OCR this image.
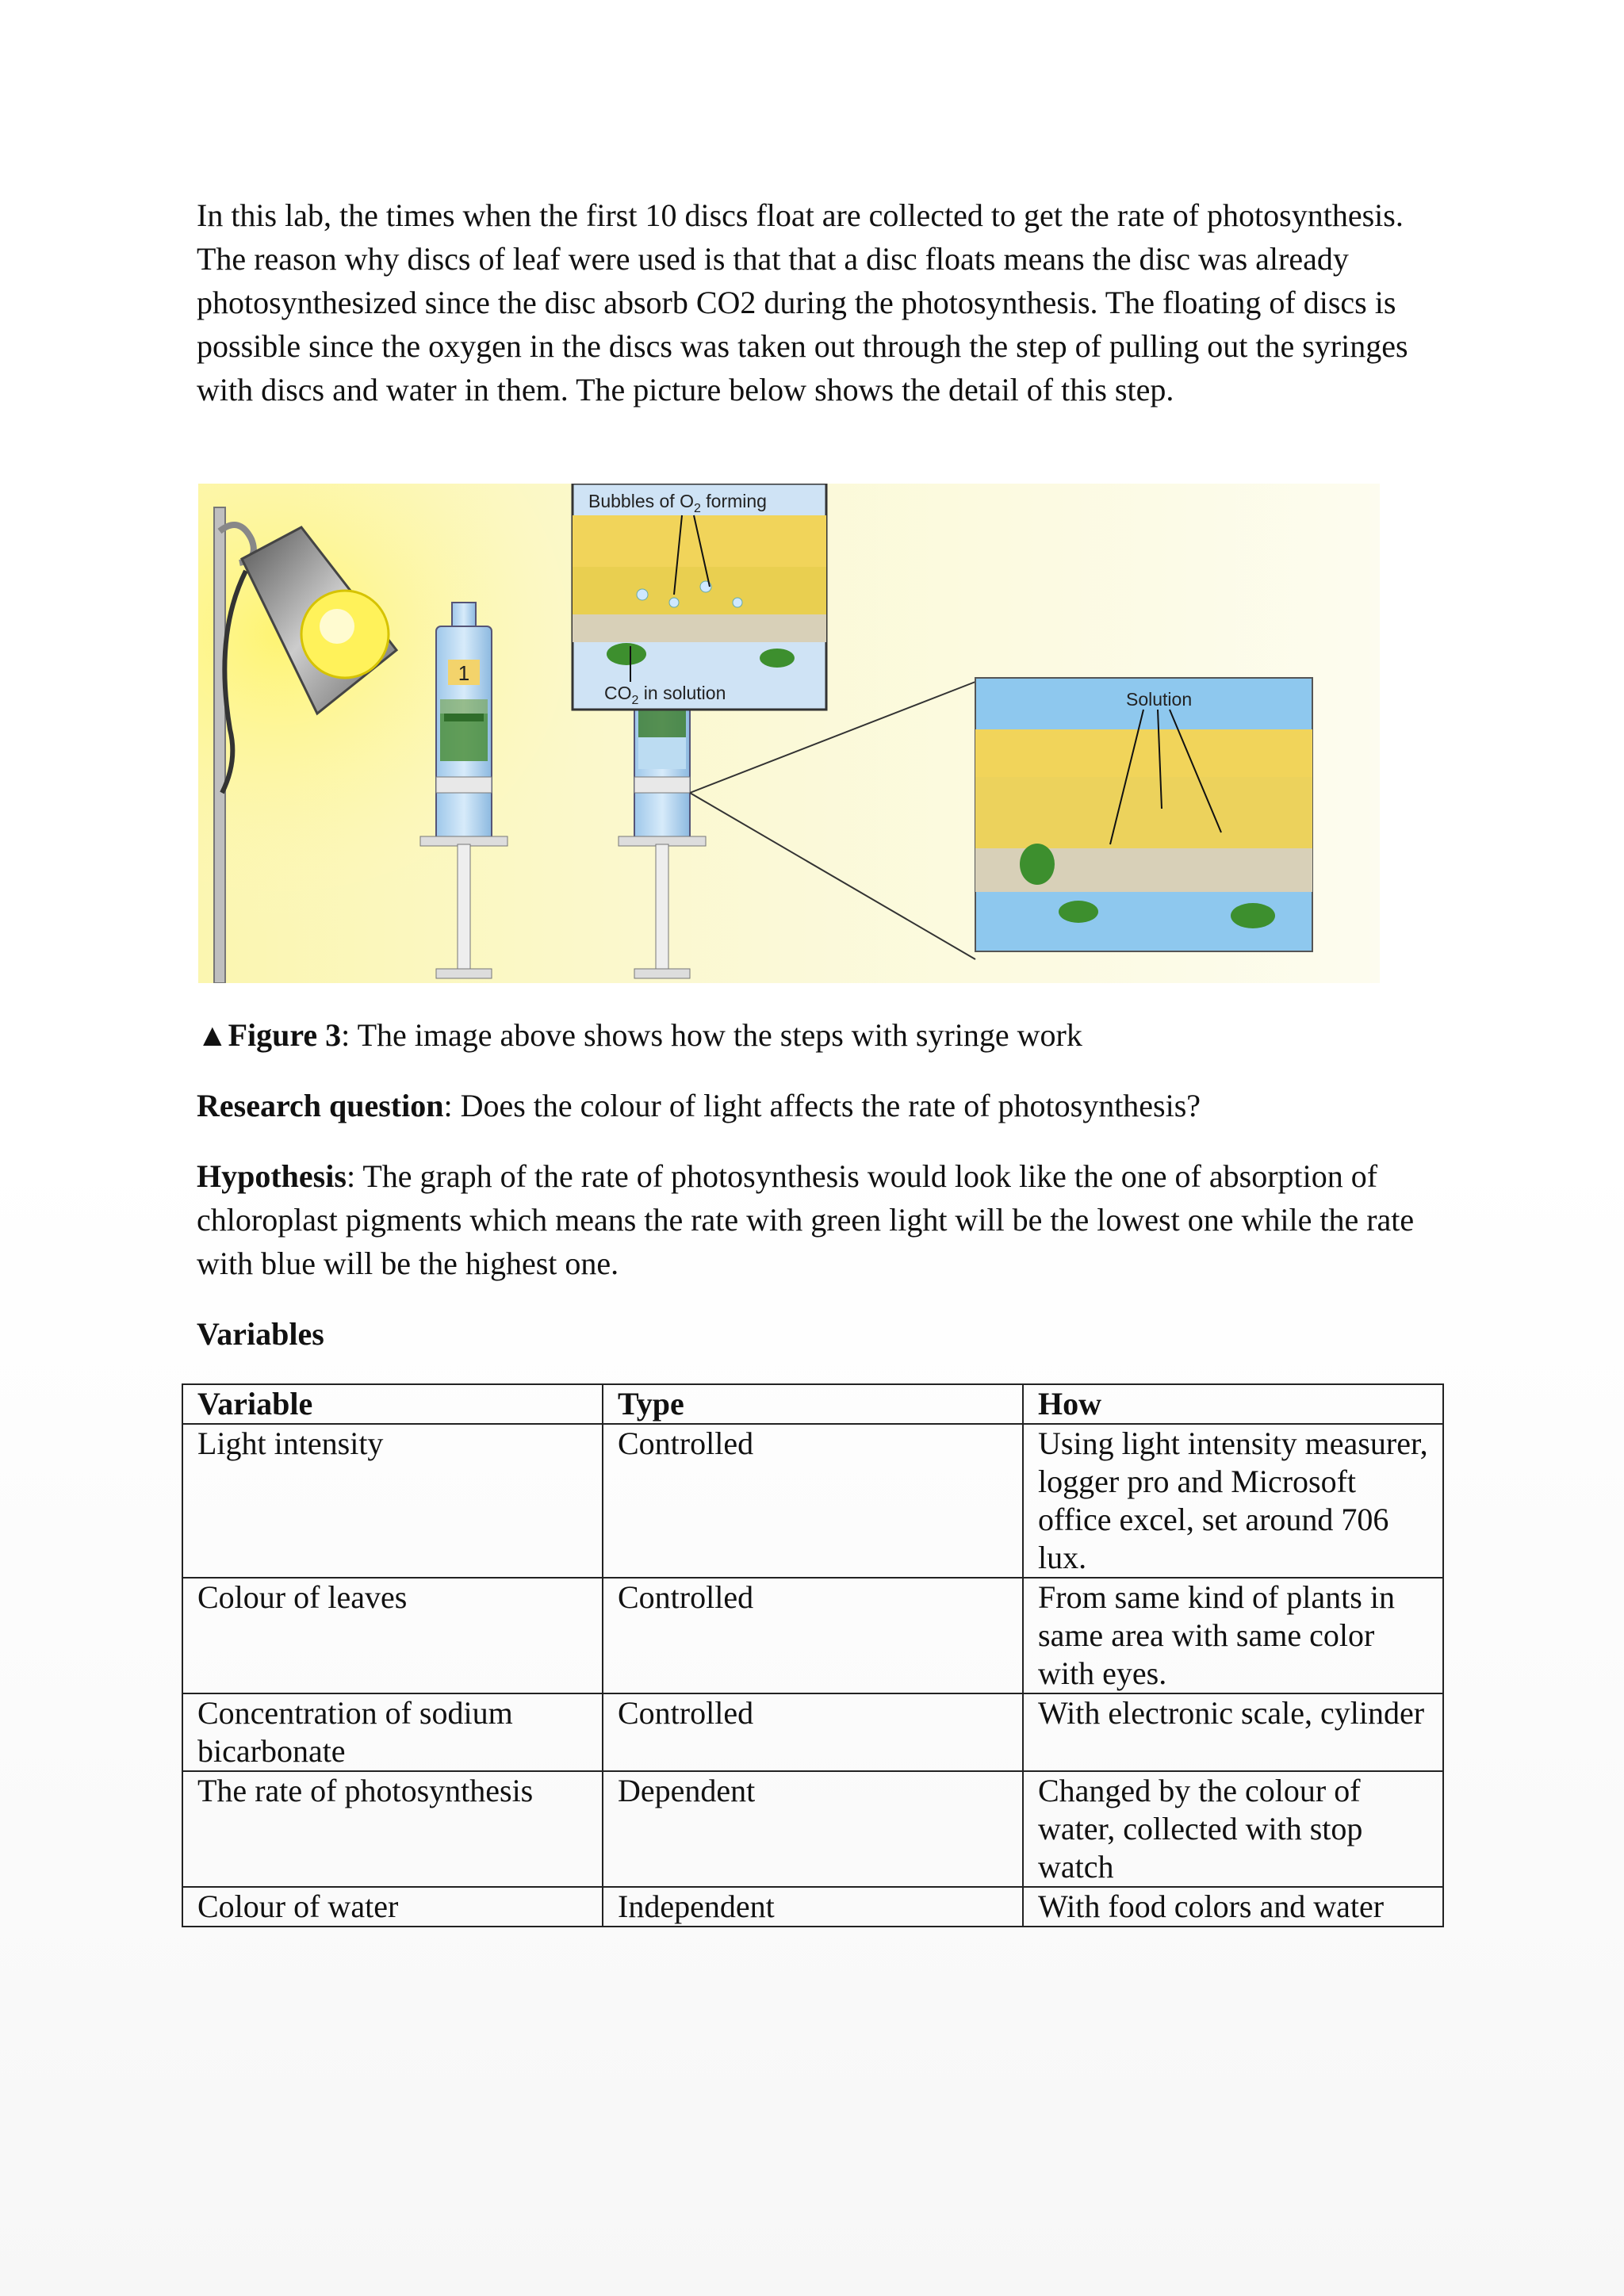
In this lab, the times when the first 10 discs float are collected to get the rate of photosynthesis. The reason why discs of leaf were used is that that a disc floats means the disc was already photosynthesized since the disc absorb CO2 during the photosynthesis. The floating of discs is possible since the oxygen in the discs was taken out through the step of pulling out the syringes with discs and water in them. The picture below shows the detail of this step.

1
Bubbles of $O_2$ forming
$CO_2$ in solution	Solution

▲Figure 3: The image above shows how the steps with syringe work

Research question: Does the colour of light affects the rate of photosynthesis?

Hypothesis: The graph of the rate of photosynthesis would look like the one of absorption of chloroplast pigments which means the rate with green light will be the lowest one while the rate with blue will be the highest one.

Variables

Variable	Type	How
Light intensity	Controlled	Using light intensity measurer, logger pro and Microsoft office excel, set around 706 lux.
Colour of leaves	Controlled	From same kind of plants in same area with same color with eyes.
Concentration of sodium bicarbonate	Controlled	With electronic scale, cylinder
The rate of photosynthesis	Dependent	Changed by the colour of water, collected with stop watch
Colour of water	Independent	With food colors and water
